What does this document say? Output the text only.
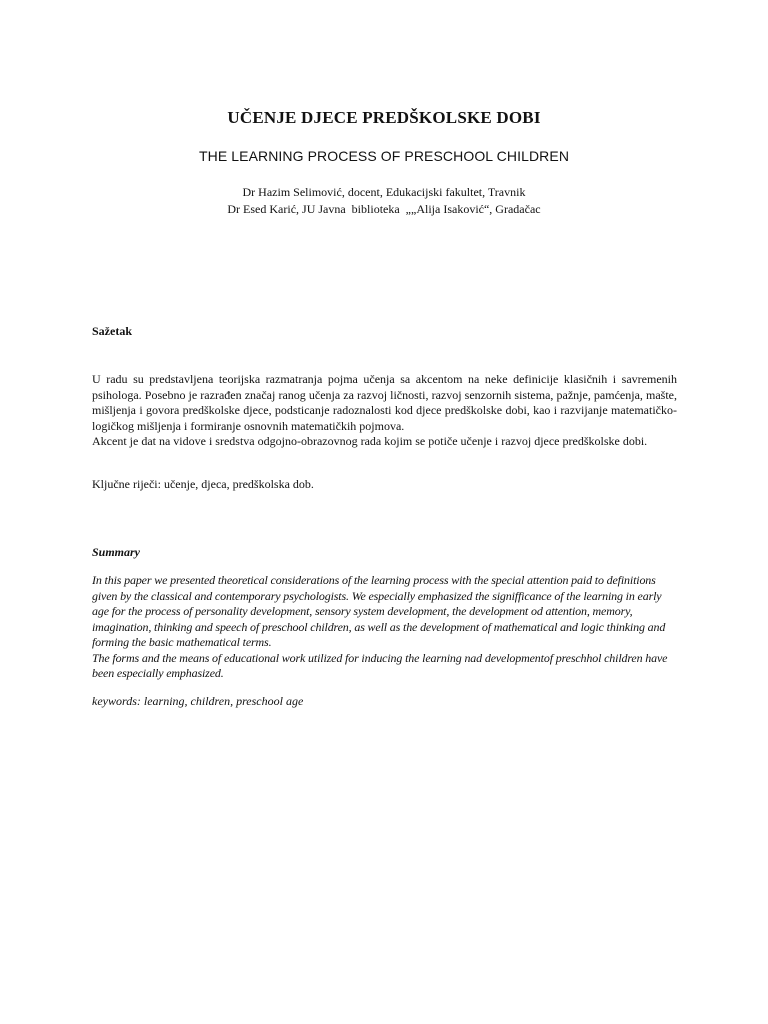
UČENJE DJECE PREDŠKOLSKE DOBI
THE LEARNING PROCESS OF PRESCHOOL CHILDREN
Dr Hazim Selimović, docent, Edukacijski fakultet, Travnik
Dr Esed Karić, JU Javna  biblioteka  „„Alija Isaković“, Gradačac
Sažetak

U radu su predstavljena teorijska razmatranja pojma učenja sa akcentom na neke definicije klasičnih i savremenih psihologa. Posebno je razrađen značaj ranog učenja za razvoj ličnosti, razvoj senzornih sistema, pažnje, pamćenja, mašte, mišljenja i govora predškolske djece, podsticanje radoznalosti kod djece predškolske dobi, kao i razvijanje matematičko-logičkog mišljenja i formiranje osnovnih matematičkih pojmova.

Akcent je dat na vidove i sredstva odgojno-obrazovnog rada kojim se potiče učenje i razvoj djece predškolske dobi.

Ključne riječi: učenje, djeca, predškolska dob.
Summary

In this paper we presented theoretical considerations of the learning process with the special attention paid to definitions given by the classical and contemporary psychologists. We especially emphasized the signifficance of the learning in early age for the process of personality development, sensory system development, the development od attention, memory, imagination, thinking and speech of preschool children, as well as the development of mathematical and logic thinking and forming the basic mathematical terms.

The forms and the means of educational work utilized for inducing the learning nad developmentof preschhol children have been especially emphasized.

keywords: learning, children, preschool age
